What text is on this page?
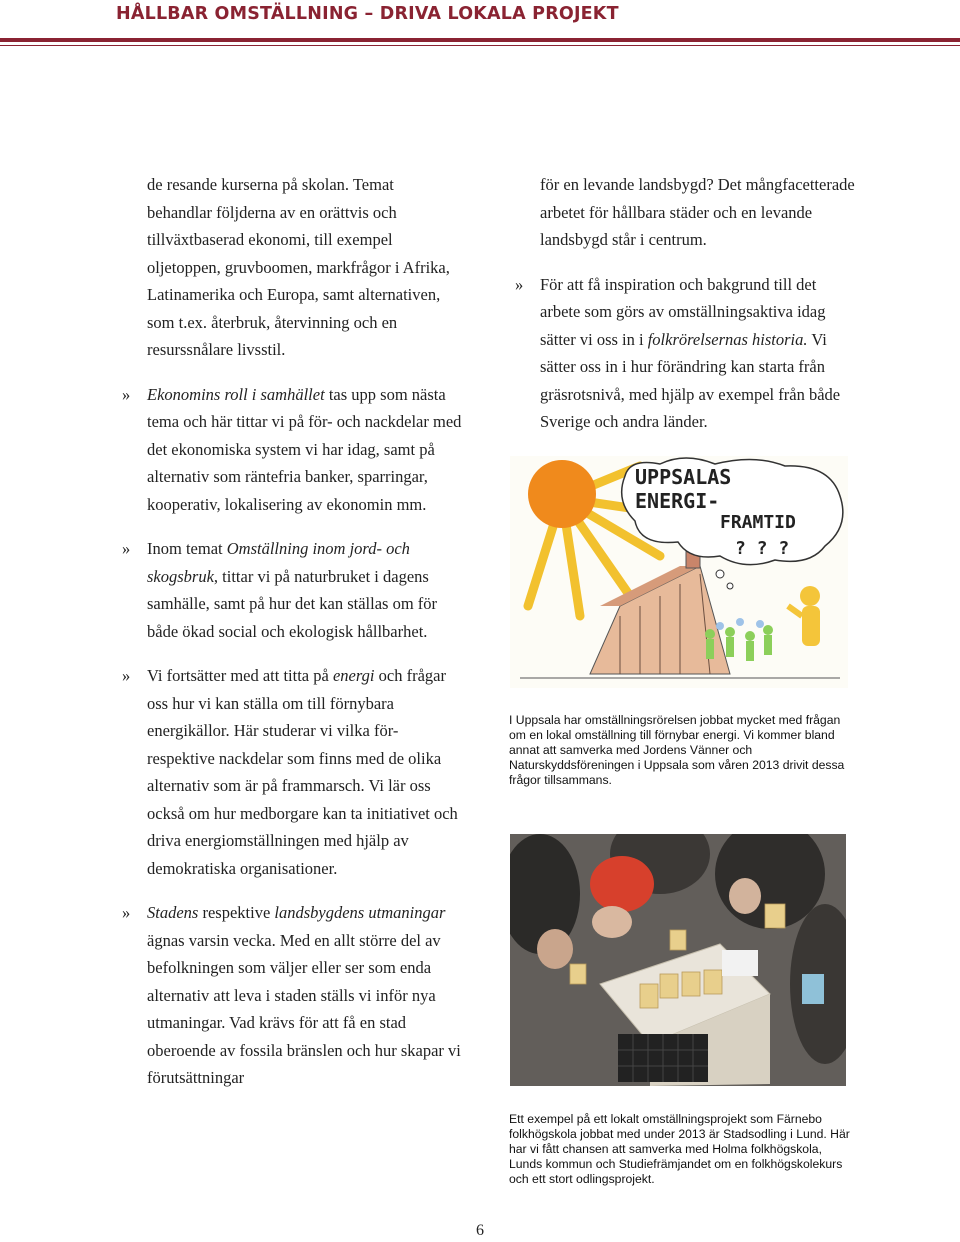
HÅLLBAR OMSTÄLLNING – DRIVA LOKALA PROJEKT

de resande kurserna på skolan. Temat behandlar följderna av en orättvis och tillväxtbaserad ekonomi, till exempel oljetoppen, gruvboomen, markfrågor i Afrika, Latinamerika och Europa, samt alternativen, som t.ex. återbruk, återvinning och en resurssnålare livsstil.

» Ekonomins roll i samhället tas upp som nästa tema och här tittar vi på för- och nackdelar med det ekonomiska system vi har idag, samt på alternativ som räntefria banker, sparringar, kooperativ, lokalisering av ekonomin mm.

» Inom temat Omställning inom jord- och skogsbruk, tittar vi på naturbruket i dagens samhälle, samt på hur det kan ställas om för både ökad social och ekologisk hållbarhet.

» Vi fortsätter med att titta på energi och frågar oss hur vi kan ställa om till förnybara energikällor. Här studerar vi vilka för- respektive nackdelar som finns med de olika alternativ som är på frammarsch. Vi lär oss också om hur medborgare kan ta initiativet och driva energiomställningen med hjälp av demokratiska organisationer.

» Stadens respektive landsbygdens utmaningar ägnas varsin vecka. Med en allt större del av befolkningen som väljer eller ser som enda alternativ att leva i staden ställs vi inför nya utmaningar. Vad krävs för att få en stad oberoende av fossila bränslen och hur skapar vi förutsättningar

för en levande landsbygd? Det mångfacetterade arbetet för hållbara städer och en levande landsbygd står i centrum.

» För att få inspiration och bakgrund till det arbete som görs av omställningsaktiva idag sätter vi oss in i folkrörelsernas historia. Vi sätter oss in i hur förändring kan starta från gräsrotsnivå, med hjälp av exempel från både Sverige och andra länder.

UPPSALAS
ENERGI-
FRAMTID
? ? ?
I Uppsala har omställningsrörelsen jobbat mycket med frågan om en lokal omställning till förnybar energi. Vi kommer bland annat att samverka med Jordens Vänner och Naturskyddsföreningen i Uppsala som våren 2013 drivit dessa frågor tillsammans.
Ett exempel på ett lokalt omställningsprojekt som Färnebo folkhögskola jobbat med under 2013 är Stadsodling i Lund. Här har vi fått chansen att samverka med Holma folkhögskola, Lunds kommun och Studiefrämjandet om en folkhögskolekurs och ett stort odlingsprojekt.
6
